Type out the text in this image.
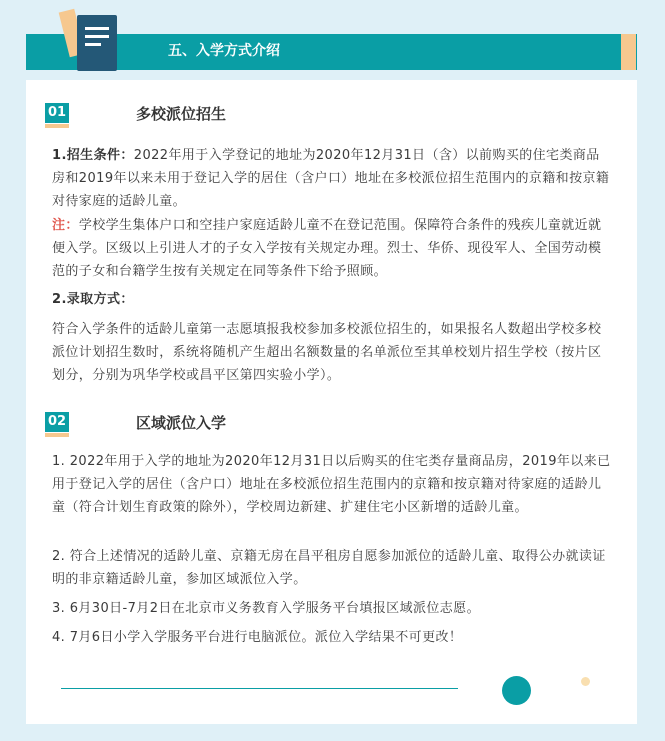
五、入学方式介绍
01	多校派位招生

1.招生条件：2022年用于入学登记的地址为2020年12月31日（含）以前购买的住宅类商品房和2019年以来未用于登记入学的居住（含户口）地址在多校派位招生范围内的京籍和按京籍对待家庭的适龄儿童。

注：学校学生集体户口和空挂户家庭适龄儿童不在登记范围。保障符合条件的残疾儿童就近就便入学。区级以上引进人才的子女入学按有关规定办理。烈士、华侨、现役军人、全国劳动模范的子女和台籍学生按有关规定在同等条件下给予照顾。

2.录取方式：

符合入学条件的适龄儿童第一志愿填报我校参加多校派位招生的，如果报名人数超出学校多校派位计划招生数时，系统将随机产生超出名额数量的名单派位至其单校划片招生学校（按片区划分，分别为巩华学校或昌平区第四实验小学）。

02	区域派位入学

1. 2022年用于入学的地址为2020年12月31日以后购买的住宅类存量商品房，2019年以来已用于登记入学的居住（含户口）地址在多校派位招生范围内的京籍和按京籍对待家庭的适龄儿童（符合计划生育政策的除外），学校周边新建、扩建住宅小区新增的适龄儿童。

2. 符合上述情况的适龄儿童、京籍无房在昌平租房自愿参加派位的适龄儿童、取得公办就读证明的非京籍适龄儿童，参加区域派位入学。

3. 6月30日-7月2日在北京市义务教育入学服务平台填报区域派位志愿。

4. 7月6日小学入学服务平台进行电脑派位。派位入学结果不可更改！
